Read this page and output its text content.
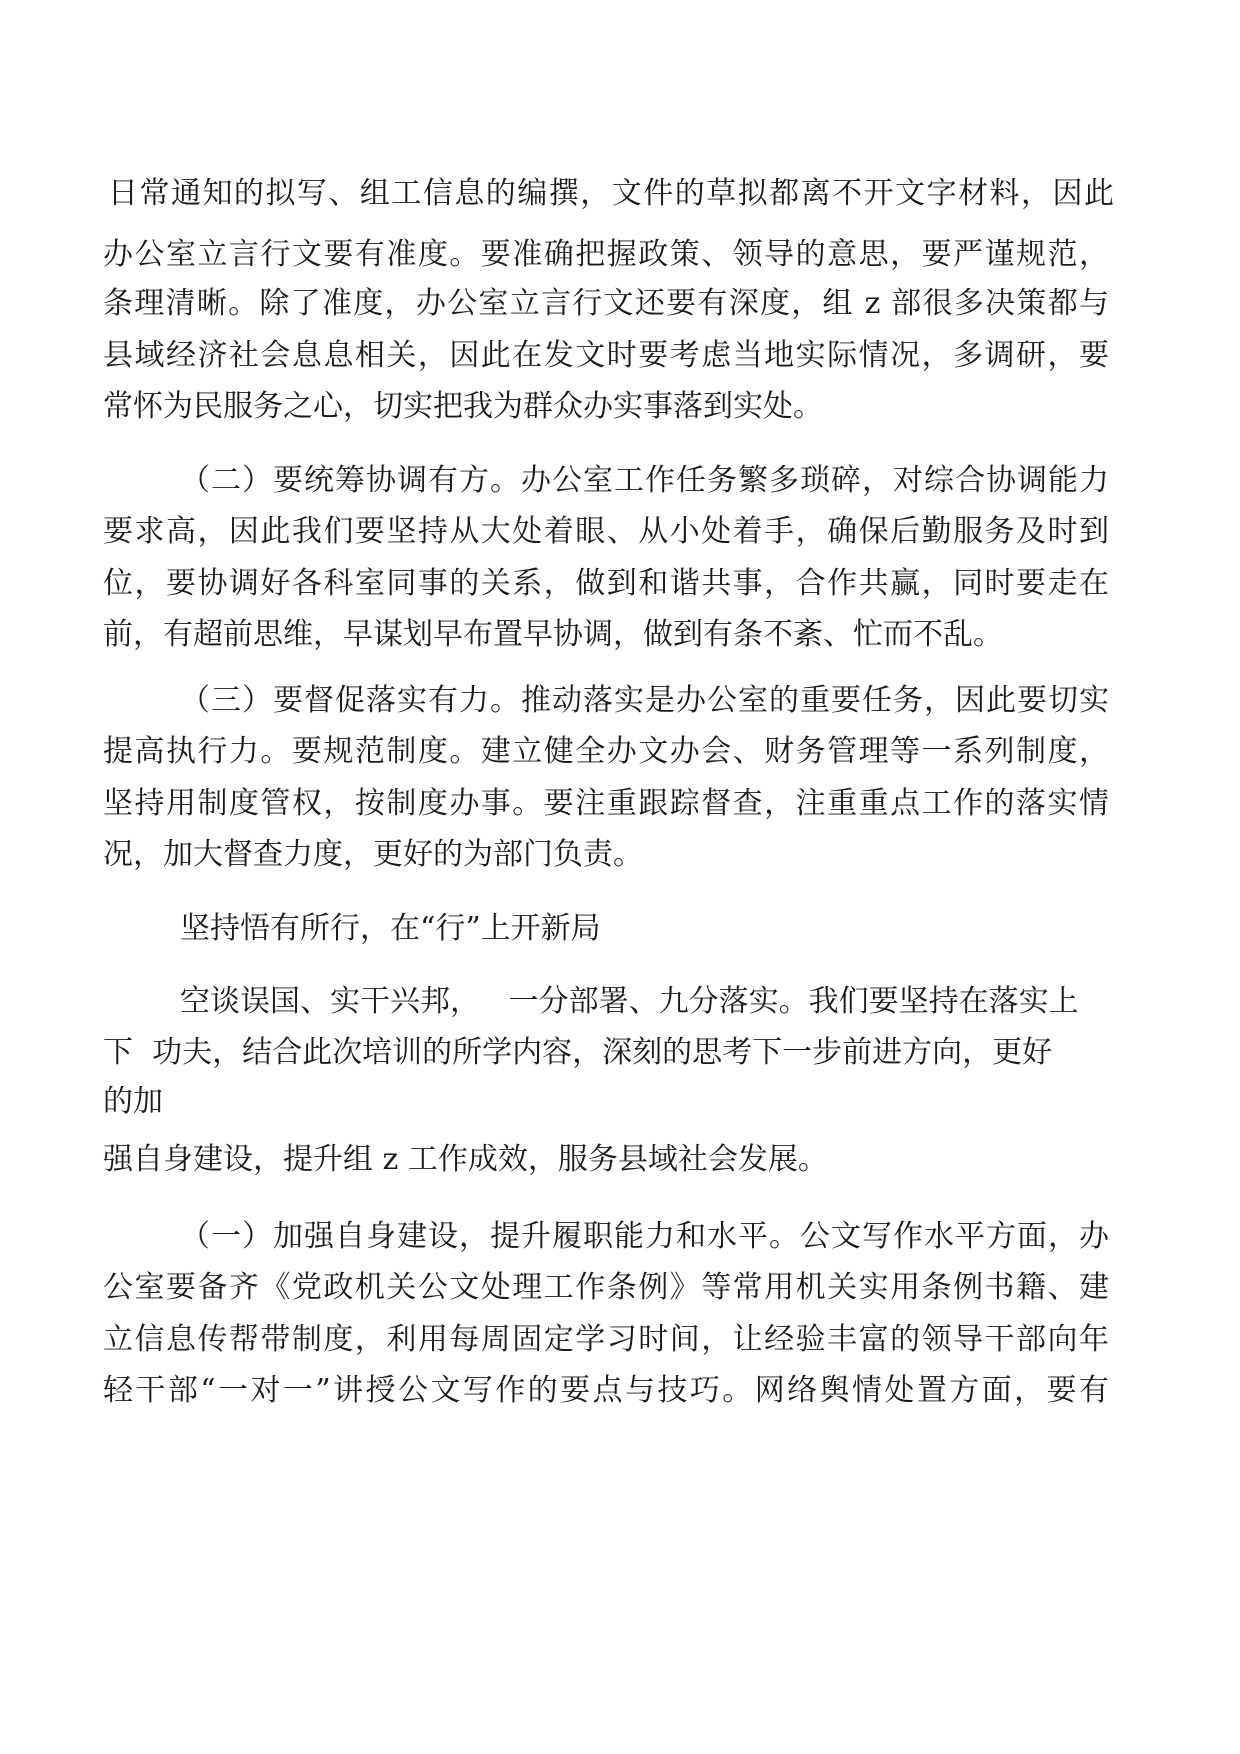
日常通知的拟写、组工信息的编撰，文件的草拟都离不开文字材料，因此
办公室立言行文要有准度。要准确把握政策、领导的意思，要严谨规范，
条理清晰。除了准度，办公室立言行文还要有深度，组 z 部很多决策都与
县域经济社会息息相关，因此在发文时要考虑当地实际情况，多调研，要
常怀为民服务之心，切实把我为群众办实事落到实处。
（二）要统筹协调有方。办公室工作任务繁多琐碎，对综合协调能力
要求高，因此我们要坚持从大处着眼、从小处着手，确保后勤服务及时到
位，要协调好各科室同事的关系，做到和谐共事，合作共赢，同时要走在
前，有超前思维，早谋划早布置早协调，做到有条不紊、忙而不乱。
（三）要督促落实有力。推动落实是办公室的重要任务，因此要切实
提高执行力。要规范制度。建立健全办文办会、财务管理等一系列制度，
坚持用制度管权，按制度办事。要注重跟踪督查，注重重点工作的落实情
况，加大督查力度，更好的为部门负责。
坚持悟有所行，在“行”上开新局
空谈误国、实干兴邦，   一分部署、九分落实。我们要坚持在落实上
下  功夫，结合此次培训的所学内容，深刻的思考下一步前进方向，更好
的加
强自身建设，提升组 z 工作成效，服务县域社会发展。
（一）加强自身建设，提升履职能力和水平。公文写作水平方面，办
公室要备齐《党政机关公文处理工作条例》等常用机关实用条例书籍、建
立信息传帮带制度，利用每周固定学习时间，让经验丰富的领导干部向年
轻干部“一对一”讲授公文写作的要点与技巧。网络舆情处置方面，要有
